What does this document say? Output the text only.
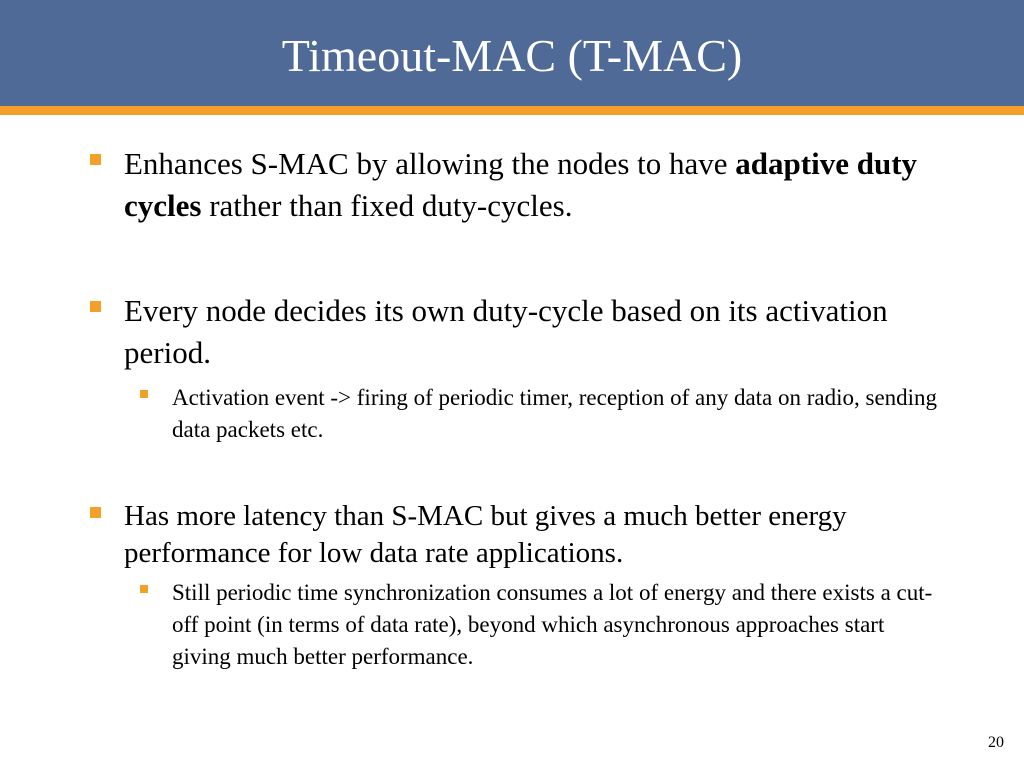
Timeout-MAC (T-MAC)
Enhances S-MAC by allowing the nodes to have adaptive duty cycles rather than fixed duty-cycles.
Every node decides its own duty-cycle based on its activation period.
Activation event -> firing of periodic timer, reception of any data on radio, sending data packets etc.
Has more latency than S-MAC but gives a much better energy performance for low data rate applications.
Still periodic time synchronization consumes a lot of energy and there exists a cut-off point (in terms of data rate), beyond which asynchronous approaches start giving much better performance.
20
